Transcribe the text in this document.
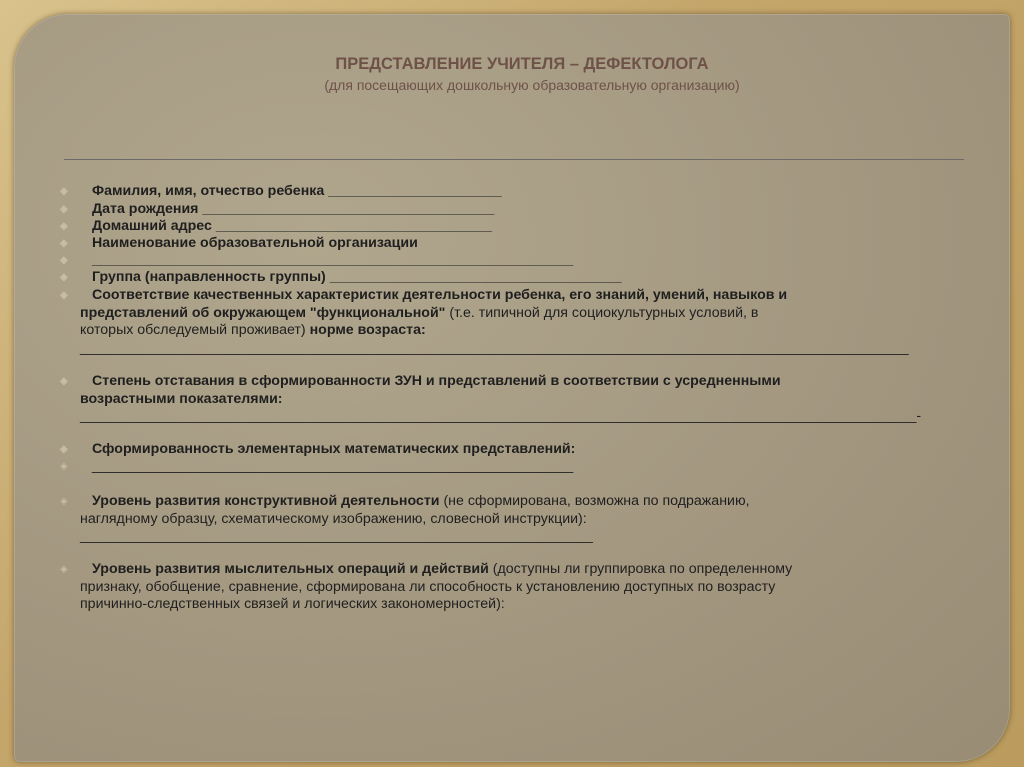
ПРЕДСТАВЛЕНИЕ УЧИТЕЛЯ – ДЕФЕКТОЛОГА
(для посещающих дошкольную образовательную организацию)
◈ Фамилия, имя, отчество ребенка ______________________
◈ Дата рождения _____________________________________
◈ Домашний адрес ___________________________________
◈ Наименование образовательной организации
◈ _____________________________________________________________
◈ Группа (направленность группы) _____________________________________
◈ Соответствие качественных характеристик деятельности ребенка, его знаний, умений, навыков и
представлений об окружающем "функциональной" (т.е. типичной для социокультурных условий, в
которых обследуемый проживает) норме возраста:
_________________________________________________________________________________________________________
◈ Степень отставания в сформированности ЗУН и представлений в соответствии с усредненными
возрастными показателями:
__________________________________________________________________________________________________________-
◈ Сформированность элементарных математических представлений:
◈ _____________________________________________________________
◈ Уровень развития конструктивной деятельности (не сформирована, возможна по подражанию,
наглядному образцу, схематическому изображению, словесной инструкции):
_________________________________________________________________
◈ Уровень развития мыслительных операций и действий (доступны ли группировка по определенному
признаку, обобщение, сравнение, сформирована ли способность к установлению доступных по возрасту
причинно-следственных связей и логических закономерностей):
